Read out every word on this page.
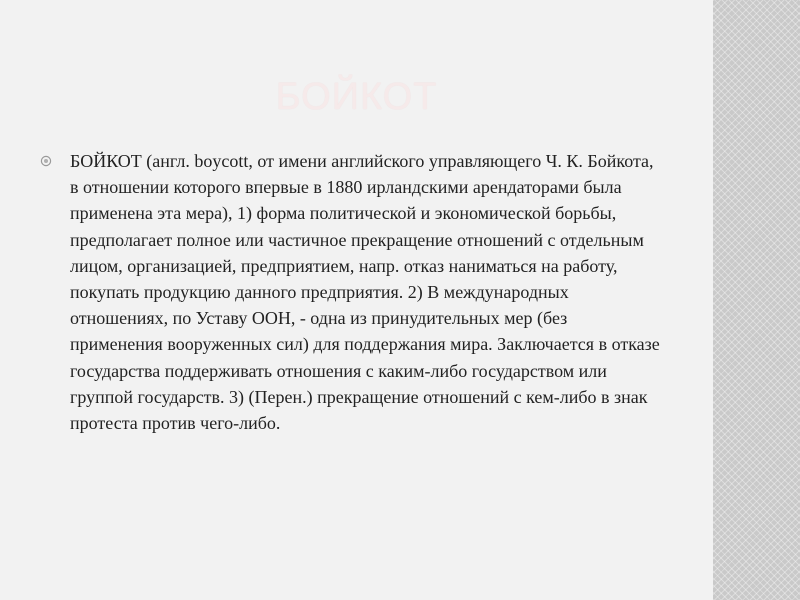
БОЙКОТ
БОЙКОТ (англ. boycott, от имени английского управляющего Ч. К. Бойкота, в отношении которого впервые в 1880 ирландскими арендаторами была применена эта мера), 1) форма политической и экономической борьбы, предполагает полное или частичное прекращение отношений с отдельным лицом, организацией, предприятием, напр. отказ наниматься на работу, покупать продукцию данного предприятия. 2) В международных отношениях, по Уставу ООН, - одна из принудительных мер (без применения вооруженных сил) для поддержания мира. Заключается в отказе государства поддерживать отношения с каким-либо государством или группой государств. 3) (Перен.) прекращение отношений с кем-либо в знак протеста против чего-либо.
